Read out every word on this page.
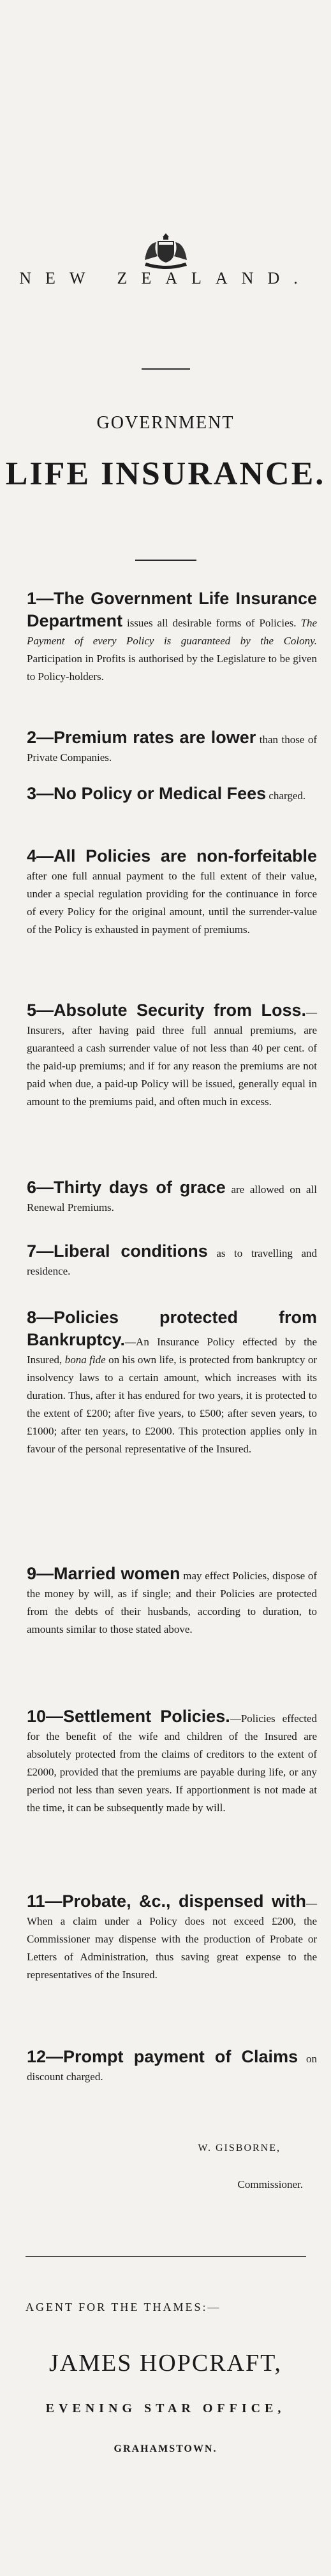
NEW ZEALAND.
GOVERNMENT
LIFE INSURANCE.
1—The Government Life Insurance Department issues all desirable forms of Policies. The Payment of every Policy is guaranteed by the Colony. Participation in Profits is authorised by the Legislature to be given to Policy-holders.
2—Premium rates are lower than those of Private Companies.
3—No Policy or Medical Fees charged.
4—All Policies are non-forfeitable after one full annual payment to the full extent of their value, under a special regulation providing for the continuance in force of every Policy for the original amount, until the surrender-value of the Policy is exhausted in payment of premiums.
5—Absolute Security from Loss.—Insurers, after having paid three full annual premiums, are guaranteed a cash surrender value of not less than 40 per cent. of the paid-up premiums; and if for any reason the premiums are not paid when due, a paid-up Policy will be issued, generally equal in amount to the premiums paid, and often much in excess.
6—Thirty days of grace are allowed on all Renewal Premiums.
7—Liberal conditions as to travelling and residence.
8—Policies protected from Bankruptcy.—An Insurance Policy effected by the Insured, bona fide on his own life, is protected from bankruptcy or insolvency laws to a certain amount, which increases with its duration. Thus, after it has endured for two years, it is protected to the extent of £200; after five years, to £500; after seven years, to £1000; after ten years, to £2000. This protection applies only in favour of the personal representative of the Insured.
9—Married women may effect Policies, dispose of the money by will, as if single; and their Policies are protected from the debts of their husbands, according to duration, to amounts similar to those stated above.
10—Settlement Policies.—Policies effected for the benefit of the wife and children of the Insured are absolutely protected from the claims of creditors to the extent of £2000, provided that the premiums are payable during life, or any period not less than seven years. If apportionment is not made at the time, it can be subsequently made by will.
11—Probate, &c., dispensed with—When a claim under a Policy does not exceed £200, the Commissioner may dispense with the production of Probate or Letters of Administration, thus saving great expense to the representatives of the Insured.
12—Prompt payment of Claims on discount charged.
W. GISBORNE,
Commissioner.
AGENT FOR THE THAMES:—
JAMES HOPCRAFT,
EVENING STAR OFFICE,
GRAHAMSTOWN.
